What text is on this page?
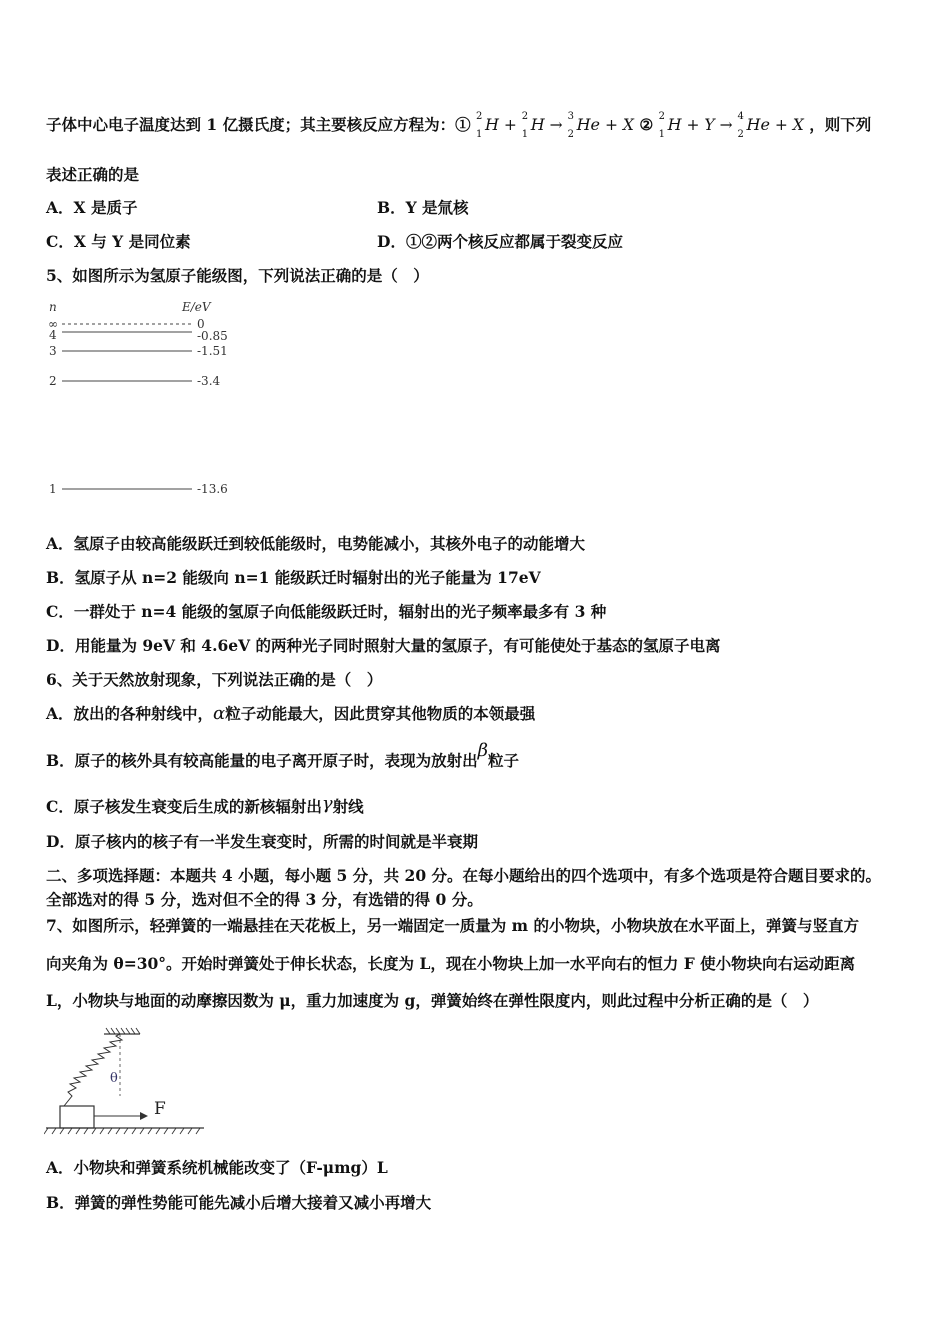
子体中心电子温度达到 1 亿摄氏度；其主要核反应方程为：① 2
1
H + 2
1
H → 3
2
He + X ② 2
1
H + Y → 4
2
He + X ，则下列
表述正确的是
A．X 是质子	B．Y 是氚核
C．X 与 Y 是同位素	D．①②两个核反应都属于裂变反应
5、如图所示为氢原子能级图，下列说法正确的是（　）
n	E/eV
∞	0
4	-0.85
3	-1.51
2	-3.4
1	-13.6
A．氢原子由较高能级跃迁到较低能级时，电势能减小，其核外电子的动能增大
B．氢原子从 n=2 能级向 n=1 能级跃迁时辐射出的光子能量为 17eV
C．一群处于 n=4 能级的氢原子向低能级跃迁时，辐射出的光子频率最多有 3 种
D．用能量为 9eV 和 4.6eV 的两种光子同时照射大量的氢原子，有可能使处于基态的氢原子电离
6、关于天然放射现象，下列说法正确的是（　）
A．放出的各种射线中，α粒子动能最大，因此贯穿其他物质的本领最强
B．原子的核外具有较高能量的电子离开原子时，表现为放射出β粒子
C．原子核发生衰变后生成的新核辐射出γ射线
D．原子核内的核子有一半发生衰变时，所需的时间就是半衰期
二、多项选择题：本题共 4 小题，每小题 5 分，共 20 分。在每小题给出的四个选项中，有多个选项是符合题目要求的。
全部选对的得 5 分，选对但不全的得 3 分，有选错的得 0 分。
7、如图所示，轻弹簧的一端悬挂在天花板上，另一端固定一质量为 m 的小物块，小物块放在水平面上，弹簧与竖直方
向夹角为 θ=30°。开始时弹簧处于伸长状态，长度为 L，现在小物块上加一水平向右的恒力 F 使小物块向右运动距离
L，小物块与地面的动摩擦因数为 μ，重力加速度为 g，弹簧始终在弹性限度内，则此过程中分析正确的是（　）
θ
F
A．小物块和弹簧系统机械能改变了（F-μmg）L
B．弹簧的弹性势能可能先减小后增大接着又减小再增大
